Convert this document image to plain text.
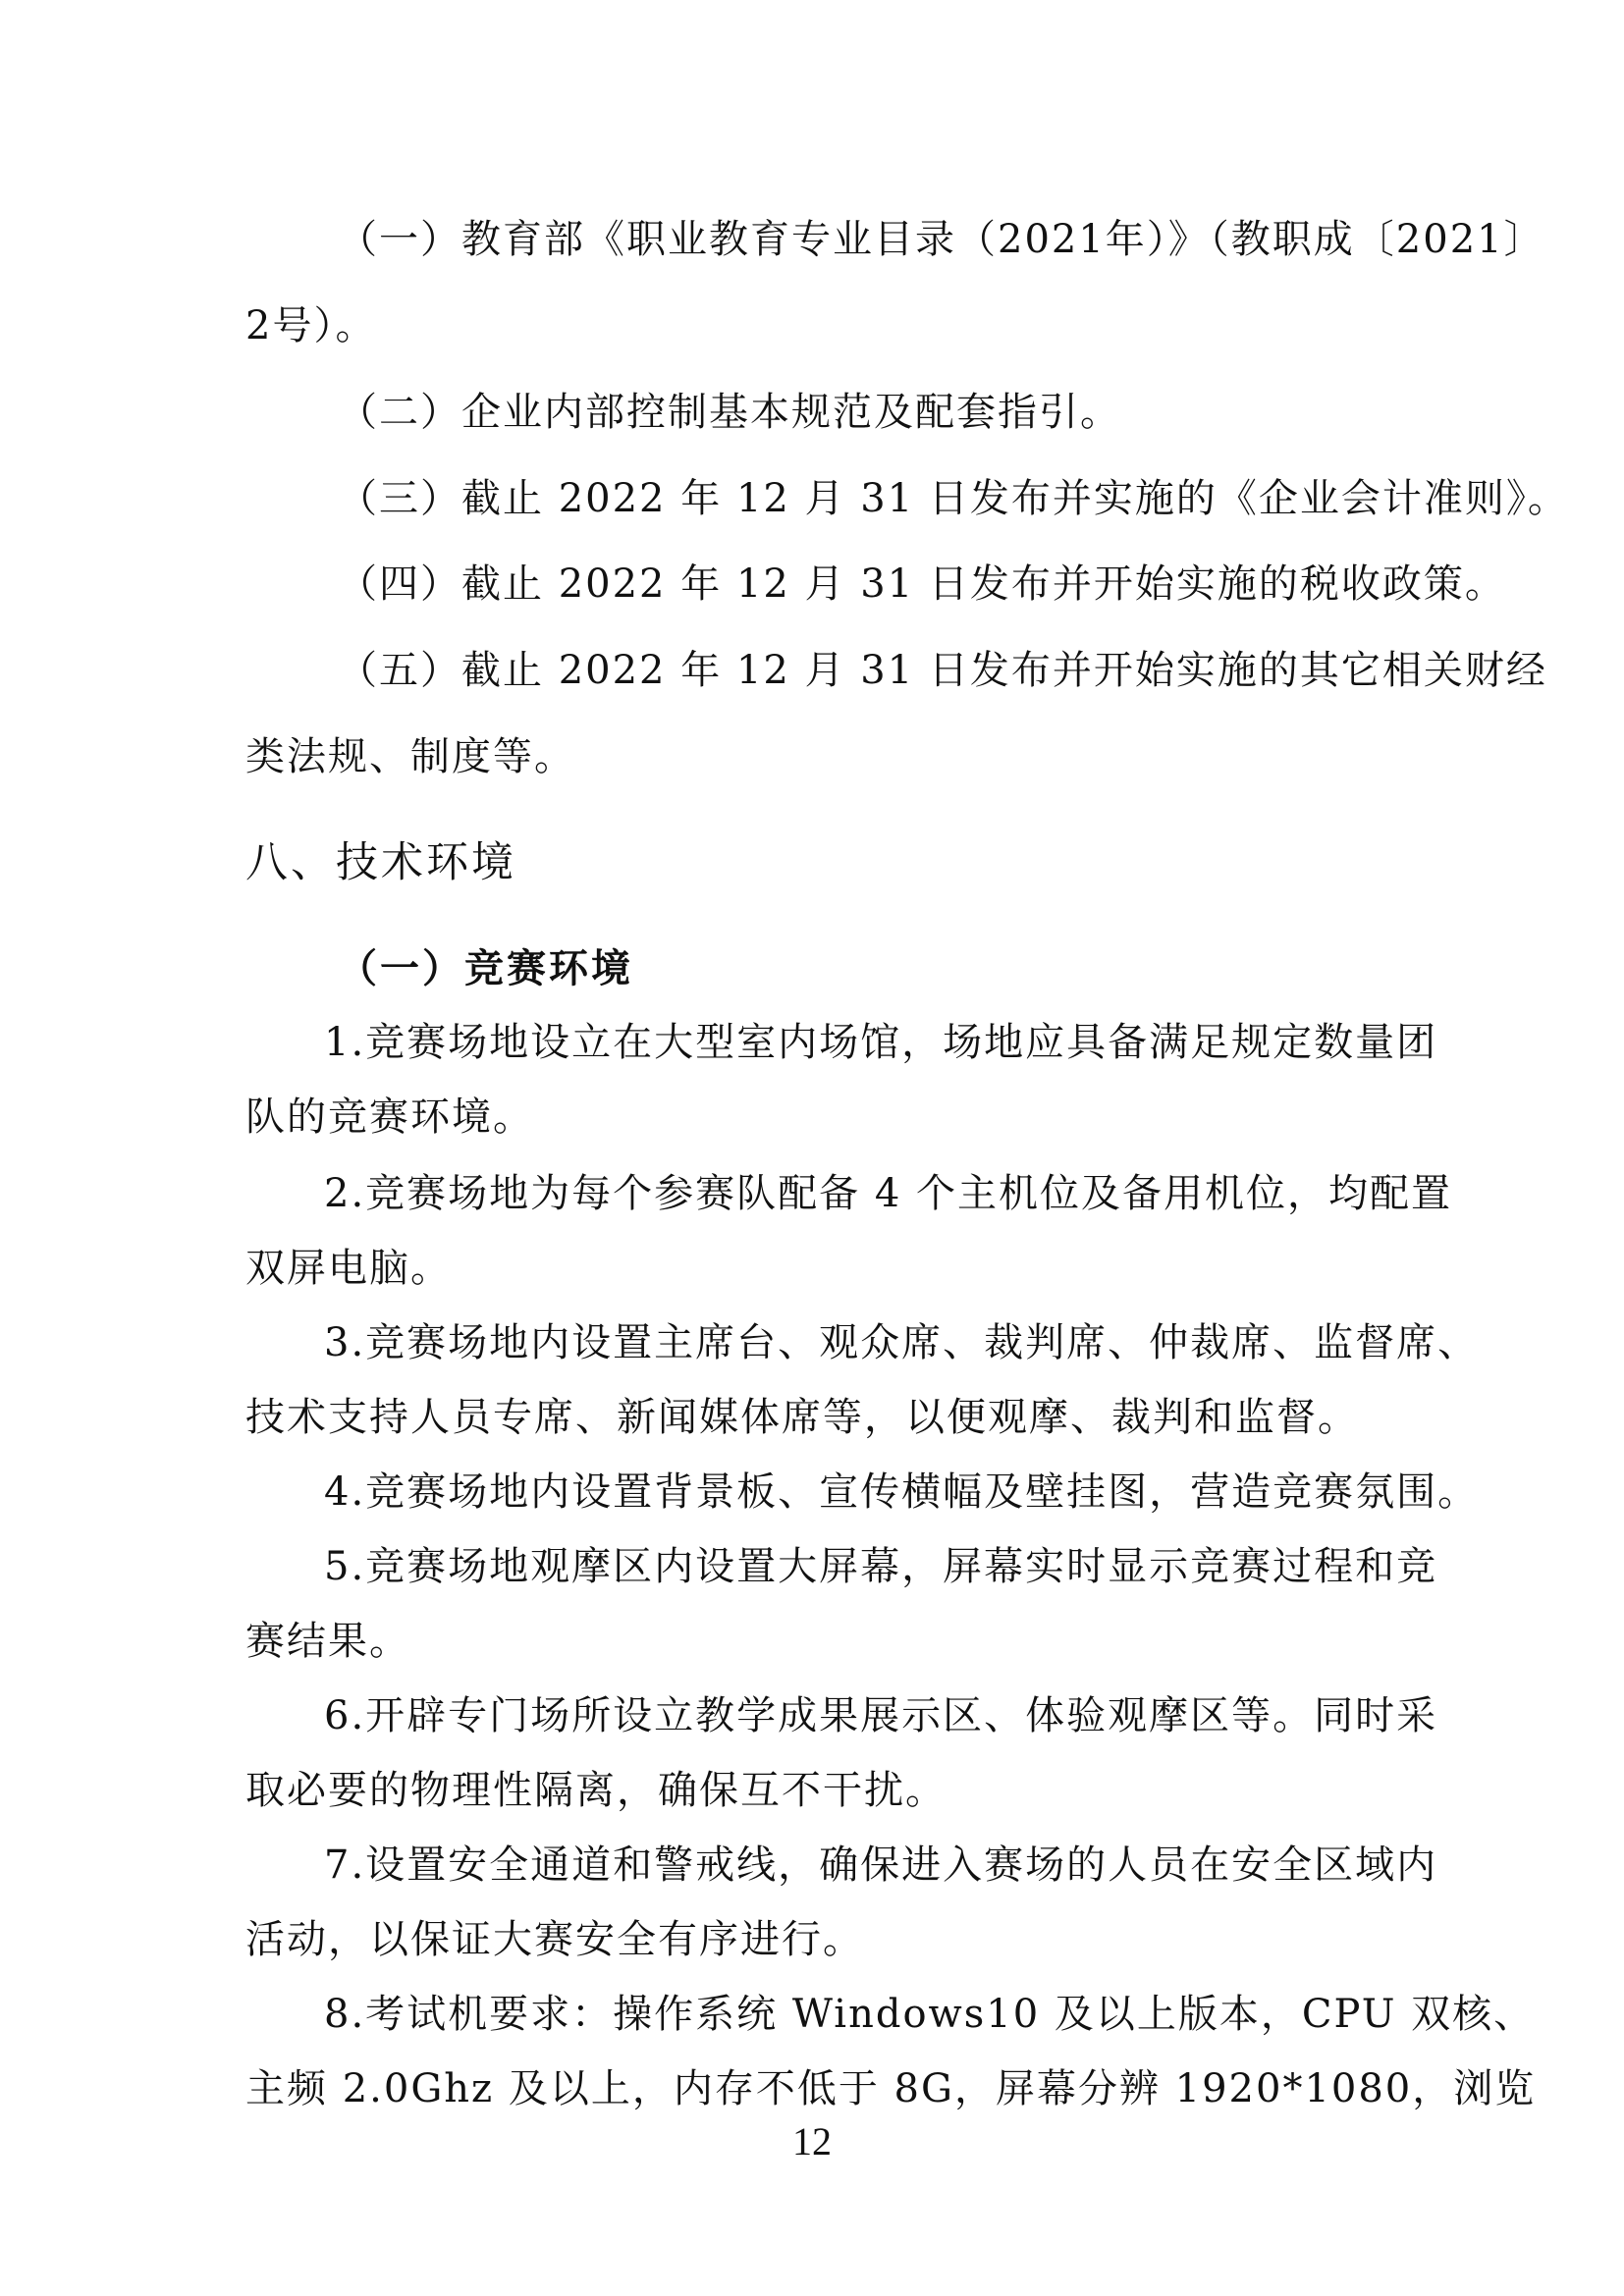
（一）教育部《职业教育专业目录（2021年）》（教职成〔2021〕
2号）。
（二）企业内部控制基本规范及配套指引。
（三）截止 2022 年 12 月 31 日发布并实施的《企业会计准则》。
（四）截止 2022 年 12 月 31 日发布并开始实施的税收政策。
（五）截止 2022 年 12 月 31 日发布并开始实施的其它相关财经
类法规、制度等。
八、技术环境
（一）竞赛环境
1.竞赛场地设立在大型室内场馆，场地应具备满足规定数量团
队的竞赛环境。
2.竞赛场地为每个参赛队配备 4 个主机位及备用机位，均配置
双屏电脑。
3.竞赛场地内设置主席台、观众席、裁判席、仲裁席、监督席、
技术支持人员专席、新闻媒体席等，以便观摩、裁判和监督。
4.竞赛场地内设置背景板、宣传横幅及壁挂图，营造竞赛氛围。
5.竞赛场地观摩区内设置大屏幕，屏幕实时显示竞赛过程和竞
赛结果。
6.开辟专门场所设立教学成果展示区、体验观摩区等。同时采
取必要的物理性隔离，确保互不干扰。
7.设置安全通道和警戒线，确保进入赛场的人员在安全区域内
活动，以保证大赛安全有序进行。
8.考试机要求：操作系统 Windows10 及以上版本，CPU 双核、
主频 2.0Ghz 及以上，内存不低于 8G，屏幕分辨 1920*1080，浏览
12
